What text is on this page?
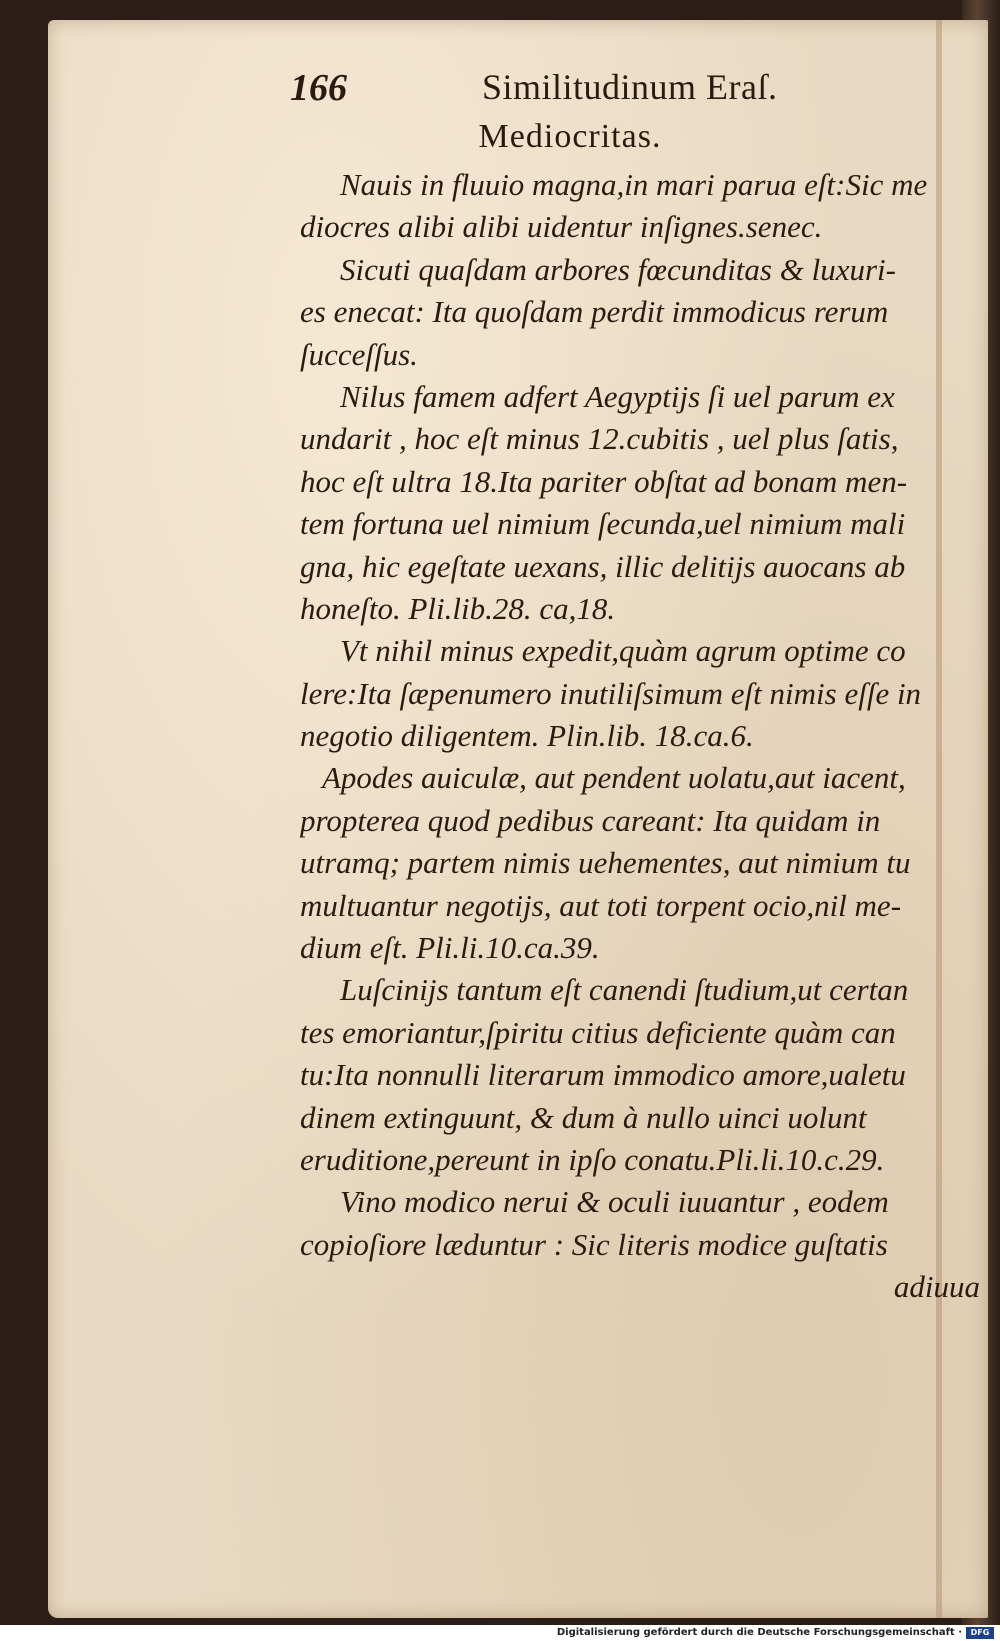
166	Similitudinum Eraſ.
Mediocritas.
Nauis in fluuio magna,in mari parua eſt:Sic me
diocres alibi alibi uidentur inſignes.senec.
Sicuti quaſdam arbores fœcunditas & luxuri-
es enecat: Ita quoſdam perdit immodicus rerum
ſucceſſus.
Nilus famem adfert Aegyptijs ſi uel parum ex
undarit , hoc eſt minus 12.cubitis , uel plus ſatis,
hoc eſt ultra 18.Ita pariter obſtat ad bonam men-
tem fortuna uel nimium ſecunda,uel nimium mali
gna, hic egeſtate uexans, illic delitijs auocans ab
honeſto. Pli.lib.28. ca,18.
Vt nihil minus expedit,quàm agrum optime co
lere:Ita ſæpenumero inutiliſsimum eſt nimis eſſe in
negotio diligentem. Plin.lib. 18.ca.6.
Apodes auiculæ, aut pendent uolatu,aut iacent,
propterea quod pedibus careant: Ita quidam in
utramq; partem nimis uehementes, aut nimium tu
multuantur negotijs, aut toti torpent ocio,nil me-
dium eſt. Pli.li.10.ca.39.
Luſcinijs tantum eſt canendi ſtudium,ut certan
tes emoriantur,ſpiritu citius deficiente quàm can
tu:Ita nonnulli literarum immodico amore,ualetu
dinem extinguunt, & dum à nullo uinci uolunt
eruditione,pereunt in ipſo conatu.Pli.li.10.c.29.
Vino modico nerui & oculi iuuantur , eodem
copioſiore læduntur : Sic literis modice guſtatis
adiuua
Digitalisierung gefördert durch die Deutsche Forschungsgemeinschaft ·	DFG
